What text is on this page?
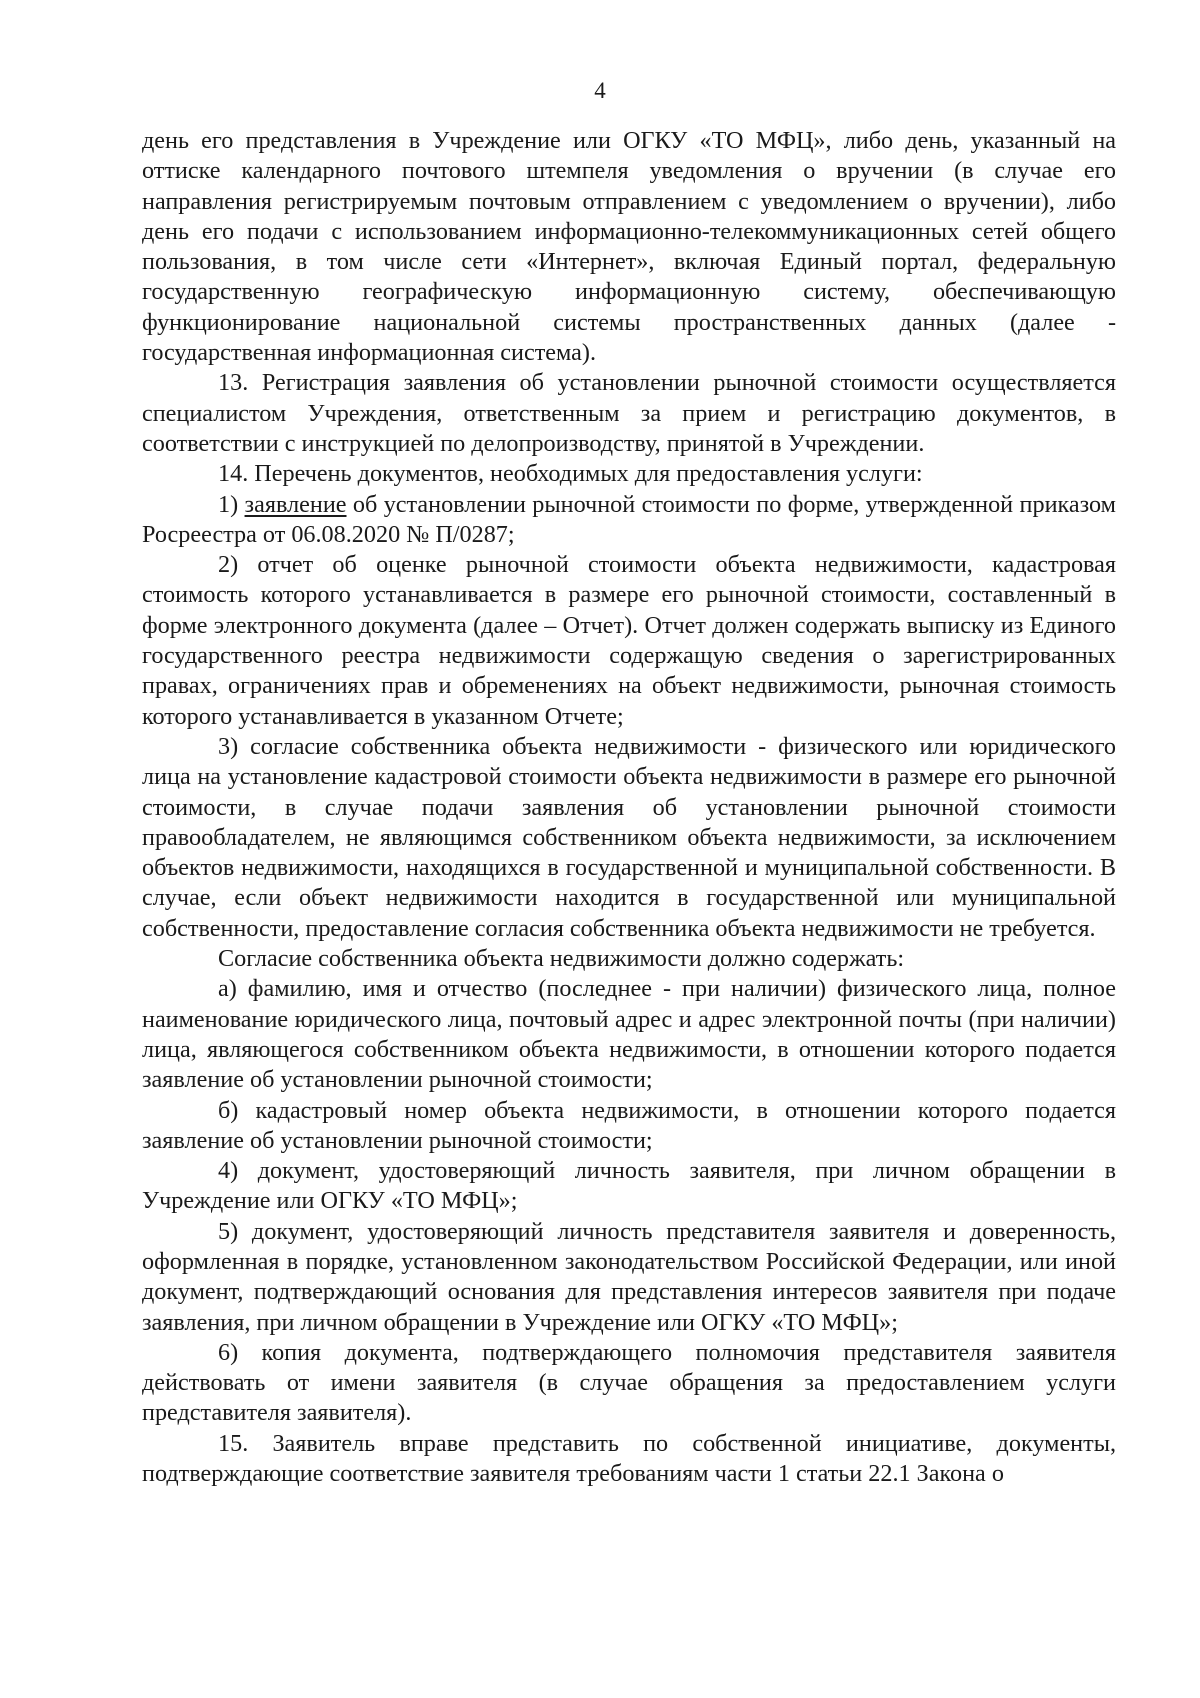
4

день его представления в Учреждение или ОГКУ «ТО МФЦ», либо день, указанный на оттиске календарного почтового штемпеля уведомления о вручении (в случае его направления регистрируемым почтовым отправлением с уведомлением о вручении), либо день его подачи с использованием информационно-телекоммуникационных сетей общего пользования, в том числе сети «Интернет», включая Единый портал, федеральную государственную географическую информационную систему, обеспечивающую функционирование национальной системы пространственных данных (далее - государственная информационная система).

13. Регистрация заявления об установлении рыночной стоимости осуществляется специалистом Учреждения, ответственным за прием и регистрацию документов, в соответствии с инструкцией по делопроизводству, принятой в Учреждении.

14. Перечень документов, необходимых для предоставления услуги:

1) заявление об установлении рыночной стоимости по форме, утвержденной приказом Росреестра от 06.08.2020 № П/0287;

2) отчет об оценке рыночной стоимости объекта недвижимости, кадастровая стоимость которого устанавливается в размере его рыночной стоимости, составленный в форме электронного документа (далее – Отчет). Отчет должен содержать выписку из Единого государственного реестра недвижимости содержащую сведения о зарегистрированных правах, ограничениях прав и обременениях на объект недвижимости, рыночная стоимость которого устанавливается в указанном Отчете;

3) согласие собственника объекта недвижимости - физического или юридического лица на установление кадастровой стоимости объекта недвижимости в размере его рыночной стоимости, в случае подачи заявления об установлении рыночной стоимости правообладателем, не являющимся собственником объекта недвижимости, за исключением объектов недвижимости, находящихся в государственной и муниципальной собственности. В случае, если объект недвижимости находится в государственной или муниципальной собственности, предоставление согласия собственника объекта недвижимости не требуется.

Согласие собственника объекта недвижимости должно содержать:

а) фамилию, имя и отчество (последнее - при наличии) физического лица, полное наименование юридического лица, почтовый адрес и адрес электронной почты (при наличии) лица, являющегося собственником объекта недвижимости, в отношении которого подается заявление об установлении рыночной стоимости;

б) кадастровый номер объекта недвижимости, в отношении которого подается заявление об установлении рыночной стоимости;

4) документ, удостоверяющий личность заявителя, при личном обращении в Учреждение или ОГКУ «ТО МФЦ»;

5) документ, удостоверяющий личность представителя заявителя и доверенность, оформленная в порядке, установленном законодательством Российской Федерации, или иной документ, подтверждающий основания для представления интересов заявителя при подаче заявления, при личном обращении в Учреждение или ОГКУ «ТО МФЦ»;

6) копия документа, подтверждающего полномочия представителя заявителя действовать от имени заявителя (в случае обращения за предоставлением услуги представителя заявителя).

15. Заявитель вправе представить по собственной инициативе, документы, подтверждающие соответствие заявителя требованиям части 1 статьи 22.1 Закона о
